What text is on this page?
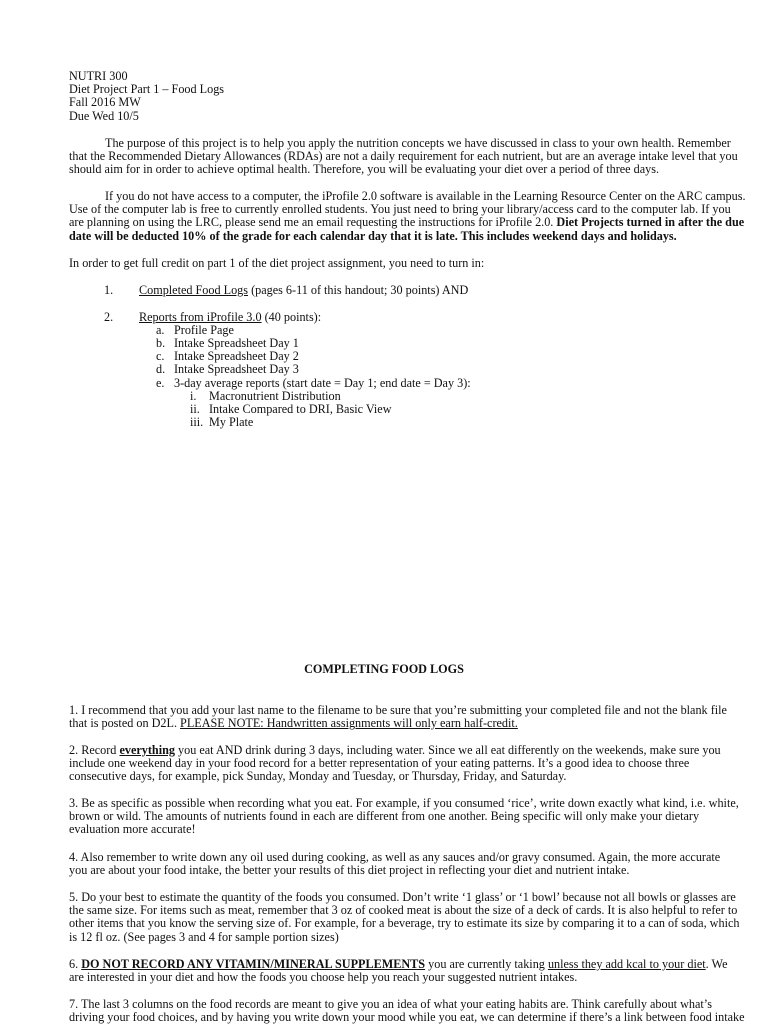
NUTRI 300
Diet Project Part 1 – Food Logs
Fall 2016 MW
Due Wed 10/5
The purpose of this project is to help you apply the nutrition concepts we have discussed in class to your own health. Remember
that the Recommended Dietary Allowances (RDAs) are not a daily requirement for each nutrient, but are an average intake level that you
should aim for in order to achieve optimal health. Therefore, you will be evaluating your diet over a period of three days.
If you do not have access to a computer, the iProfile 2.0 software is available in the Learning Resource Center on the ARC campus.
Use of the computer lab is free to currently enrolled students. You just need to bring your library/access card to the computer lab. If you
are planning on using the LRC, please send me an email requesting the instructions for iProfile 2.0. Diet Projects turned in after the due
date will be deducted 10% of the grade for each calendar day that it is late. This includes weekend days and holidays.
In order to get full credit on part 1 of the diet project assignment, you need to turn in:
1. Completed Food Logs (pages 6-11 of this handout; 30 points) AND
2. Reports from iProfile 3.0 (40 points):
a. Profile Page
b. Intake Spreadsheet Day 1
c. Intake Spreadsheet Day 2
d. Intake Spreadsheet Day 3
e. 3-day average reports (start date = Day 1; end date = Day 3):
i. Macronutrient Distribution
ii. Intake Compared to DRI, Basic View
iii. My Plate
COMPLETING FOOD LOGS
1. I recommend that you add your last name to the filename to be sure that you’re submitting your completed file and not the blank file
that is posted on D2L. PLEASE NOTE: Handwritten assignments will only earn half-credit.
2. Record everything you eat AND drink during 3 days, including water. Since we all eat differently on the weekends, make sure you
include one weekend day in your food record for a better representation of your eating patterns. It’s a good idea to choose three
consecutive days, for example, pick Sunday, Monday and Tuesday, or Thursday, Friday, and Saturday.
3. Be as specific as possible when recording what you eat. For example, if you consumed ‘rice’, write down exactly what kind, i.e. white,
brown or wild. The amounts of nutrients found in each are different from one another. Being specific will only make your dietary
evaluation more accurate!
4. Also remember to write down any oil used during cooking, as well as any sauces and/or gravy consumed. Again, the more accurate
you are about your food intake, the better your results of this diet project in reflecting your diet and nutrient intake.
5. Do your best to estimate the quantity of the foods you consumed. Don’t write ‘1 glass’ or ‘1 bowl’ because not all bowls or glasses are
the same size. For items such as meat, remember that 3 oz of cooked meat is about the size of a deck of cards. It is also helpful to refer to
other items that you know the serving size of. For example, for a beverage, try to estimate its size by comparing it to a can of soda, which
is 12 fl oz. (See pages 3 and 4 for sample portion sizes)
6. DO NOT RECORD ANY VITAMIN/MINERAL SUPPLEMENTS you are currently taking unless they add kcal to your diet. We
are interested in your diet and how the foods you choose help you reach your suggested nutrient intakes.
7. The last 3 columns on the food records are meant to give you an idea of what your eating habits are. Think carefully about what’s
driving your food choices, and by having you write down your mood while you eat, we can determine if there’s a link between food intake
